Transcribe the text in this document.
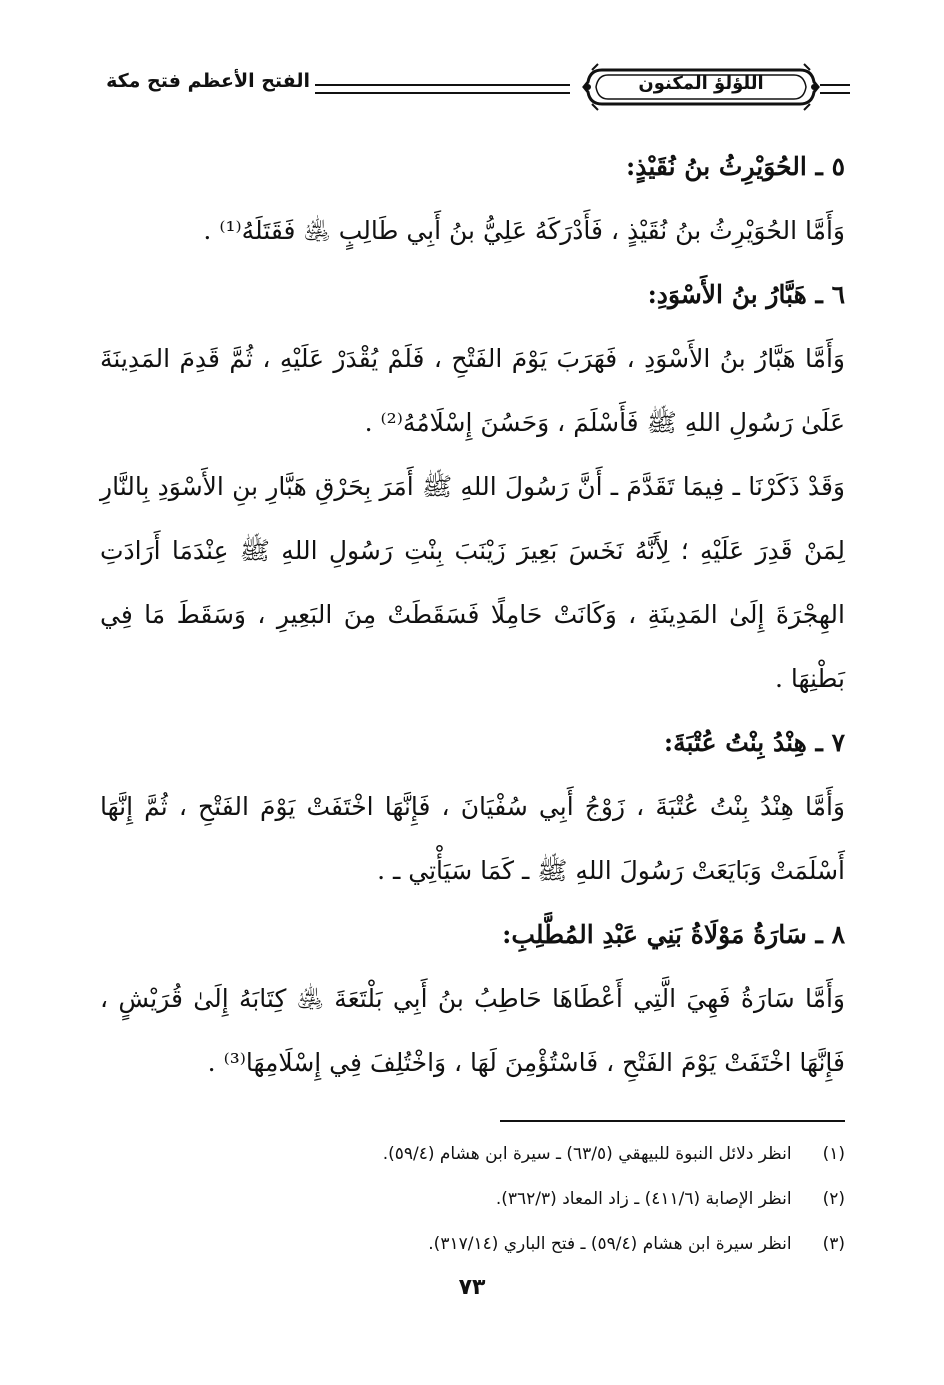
اللؤلؤ المكنون
الفتح الأعظم فتح مكة

٥ ـ الحُوَيْرِثُ بنُ نُقَيْذٍ:

وَأَمَّا الحُوَيْرِثُ بنُ نُقَيْذٍ ، فَأَدْرَكَهُ عَلِيُّ بنُ أَبِي طَالِبٍ ﵁ فَقَتَلَهُ⁽¹⁾ .

٦ ـ هَبَّارُ بنُ الأَسْوَدِ:

وَأَمَّا هَبَّارُ بنُ الأَسْوَدِ ، فَهَرَبَ يَوْمَ الفَتْحِ ، فَلَمْ يُقْدَرْ عَلَيْهِ ، ثُمَّ قَدِمَ المَدِينَةَ عَلَىٰ رَسُولِ اللهِ ﷺ فَأَسْلَمَ ، وَحَسُنَ إِسْلَامُهُ⁽²⁾ .

وَقَدْ ذَكَرْنَا ـ فِيمَا تَقَدَّمَ ـ أَنَّ رَسُولَ اللهِ ﷺ أَمَرَ بِحَرْقِ هَبَّارِ بنِ الأَسْوَدِ بِالنَّارِ لِمَنْ قَدِرَ عَلَيْهِ ؛ لِأَنَّهُ نَخَسَ بَعِيرَ زَيْنَبَ بِنْتِ رَسُولِ اللهِ ﷺ عِنْدَمَا أَرَادَتِ الهِجْرَةَ إِلَىٰ المَدِينَةِ ، وَكَانَتْ حَامِلًا فَسَقَطَتْ مِنَ البَعِيرِ ، وَسَقَطَ مَا فِي بَطْنِهَا .

٧ ـ هِنْدُ بِنْتُ عُتْبَةَ:

وَأَمَّا هِنْدُ بِنْتُ عُتْبَةَ ، زَوْجُ أَبِي سُفْيَانَ ، فَإِنَّهَا اخْتَفَتْ يَوْمَ الفَتْحِ ، ثُمَّ إِنَّهَا أَسْلَمَتْ وَبَايَعَتْ رَسُولَ اللهِ ﷺ ـ كَمَا سَيَأْتِي ـ .

٨ ـ سَارَةُ مَوْلَاةُ بَنِي عَبْدِ المُطَّلِبِ:

وَأَمَّا سَارَةُ فَهِيَ الَّتِي أَعْطَاهَا حَاطِبُ بنُ أَبِي بَلْتَعَةَ ﵁ كِتَابَهُ إِلَىٰ قُرَيْشٍ ، فَإِنَّهَا اخْتَفَتْ يَوْمَ الفَتْحِ ، فَاسْتُؤْمِنَ لَهَا ، وَاخْتُلِفَ فِي إِسْلَامِهَا⁽³⁾ .

(١) انظر دلائل النبوة للبيهقي (٦٣/٥) ـ سيرة ابن هشام (٥٩/٤).

(٢) انظر الإصابة (٤١١/٦) ـ زاد المعاد (٣٦٢/٣).

(٣) انظر سيرة ابن هشام (٥٩/٤) ـ فتح الباري (٣١٧/١٤).

٧٣
